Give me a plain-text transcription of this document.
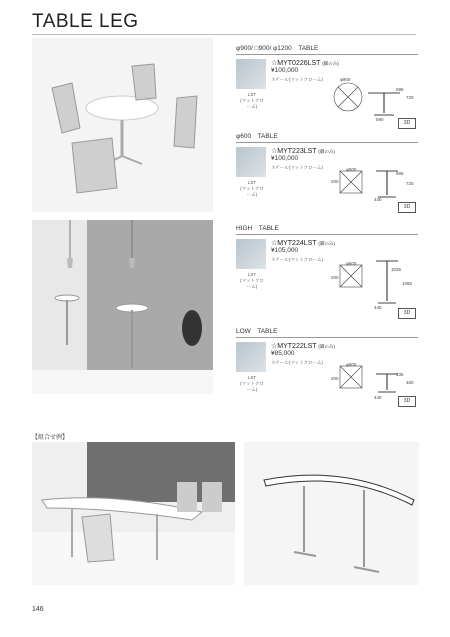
TABLE LEG
φ900/ □900/ φ1200　TABLE
LST
(マットクローム)
☆MYT0226LST (脚のみ)
¥100,000
スチール(マットクローム)	φ900
695
720
590
3D
φ600　TABLE
LST
(マットクローム)
☆MYT223LST (脚のみ)
¥100,000
スチール(マットクローム)	φ600
695
720
200
440
3D
HIGH　TABLE
LST
(マットクローム)
☆MYT224LST (脚のみ)
¥105,000
スチール(マットクローム)
φ600
1035
1060
200
440
3D
LOW　TABLE
LST
(マットクローム)
☆MYT222LST (脚のみ)
¥85,000
スチール(マットクローム)	φ600
435
460
200
440
3D
【組合せ例】
146
